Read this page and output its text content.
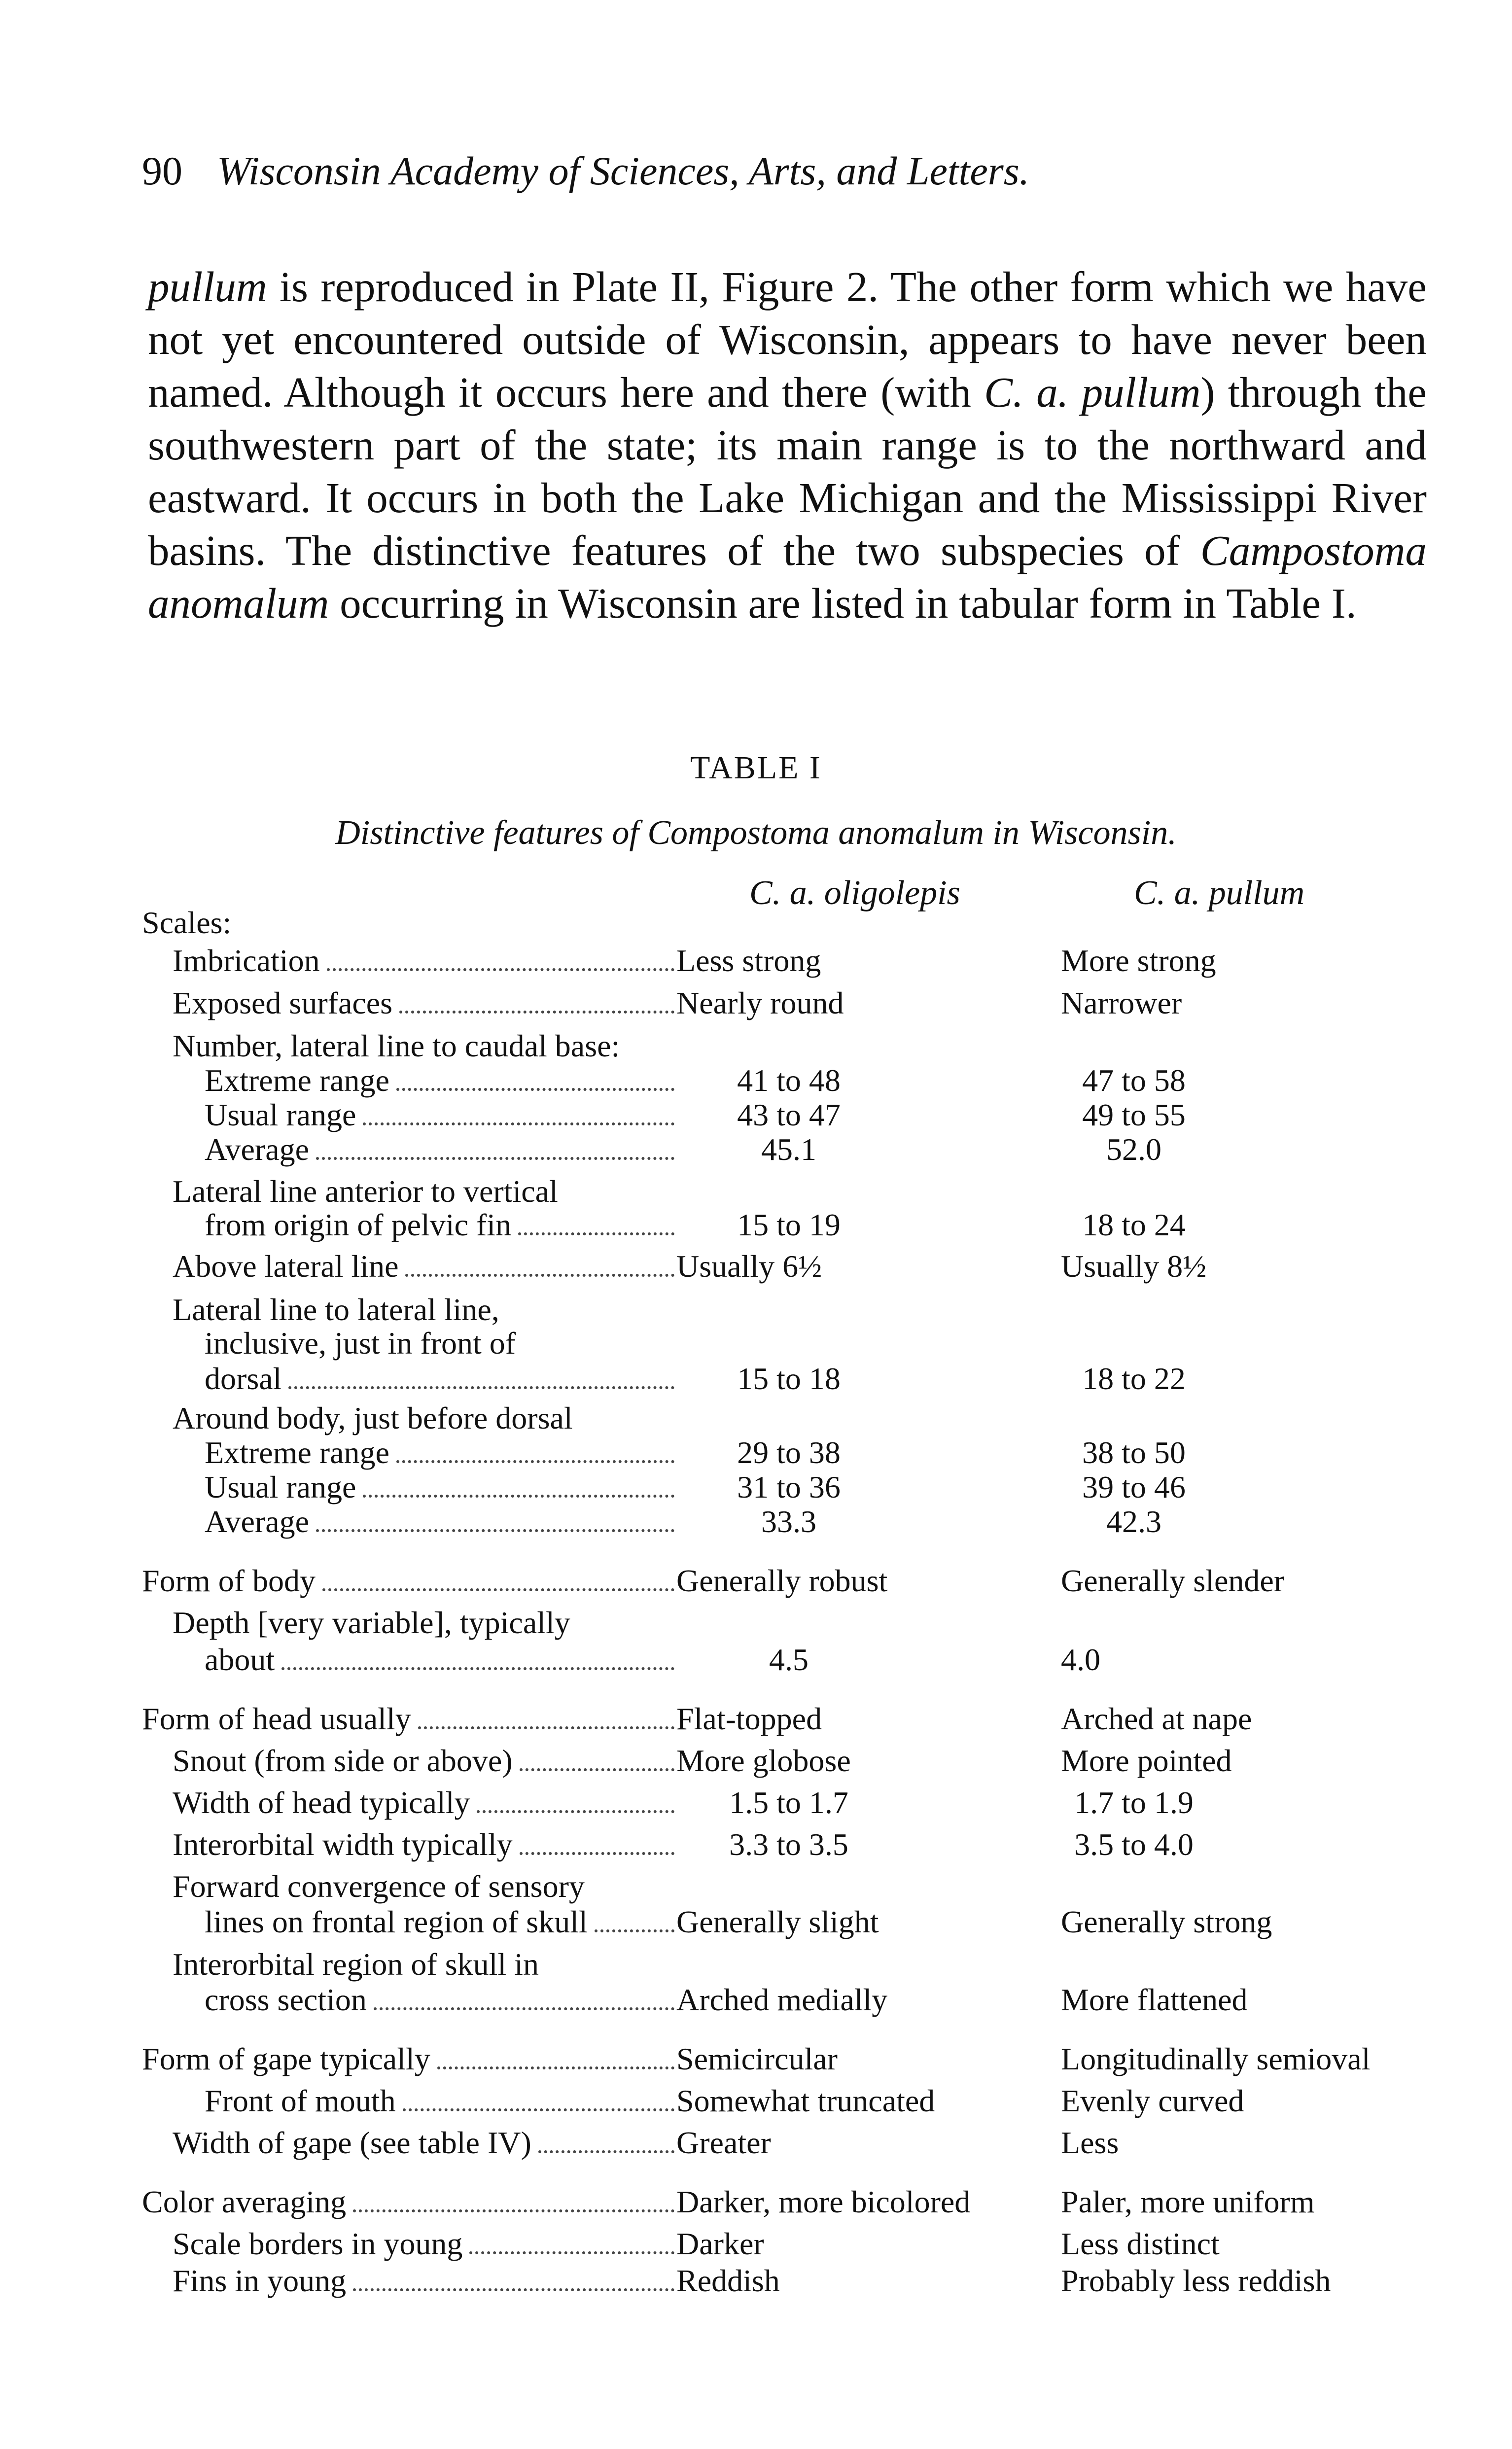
90 Wisconsin Academy of Sciences, Arts, and Letters.
pullum is reproduced in Plate II, Figure 2. The other form which we have not yet encountered outside of Wisconsin, appears to have never been named. Although it occurs here and there (with C. a. pullum) through the southwestern part of the state; its main range is to the northward and eastward. It occurs in both the Lake Michigan and the Mississippi River basins. The distinctive features of the two subspecies of Campostoma anomalum occurring in Wisconsin are listed in tabular form in Table I.
TABLE I
Distinctive features of Compostoma anomalum in Wisconsin.
C. a. oligolepis	C. a. pullum
Scales:
Imbrication	Less strong	More strong
Exposed surfaces	Nearly round	Narrower
Number, lateral line to caudal base:
Extreme range	41 to 48	47 to 58
Usual range	43 to 47	49 to 55
Average	45.1	52.0
Lateral line anterior to vertical
from origin of pelvic fin	15 to 19	18 to 24
Above lateral line	Usually 6½	Usually 8½
Lateral line to lateral line,
inclusive, just in front of
dorsal	15 to 18	18 to 22
Around body, just before dorsal
Extreme range	29 to 38	38 to 50
Usual range	31 to 36	39 to 46
Average	33.3	42.3
Form of body	Generally robust	Generally slender
Depth [very variable], typically
about	4.5	4.0
Form of head usually	Flat-topped	Arched at nape
Snout (from side or above)	More globose	More pointed
Width of head typically	1.5 to 1.7	1.7 to 1.9
Interorbital width typically	3.3 to 3.5	3.5 to 4.0
Forward convergence of sensory
lines on frontal region of skull	Generally slight	Generally strong
Interorbital region of skull in
cross section	Arched medially	More flattened
Form of gape typically	Semicircular	Longitudinally semioval
Front of mouth	Somewhat truncated	Evenly curved
Width of gape (see table IV)	Greater	Less
Color averaging	Darker, more bicolored	Paler, more uniform
Scale borders in young	Darker	Less distinct
Fins in young	Reddish	Probably less reddish
